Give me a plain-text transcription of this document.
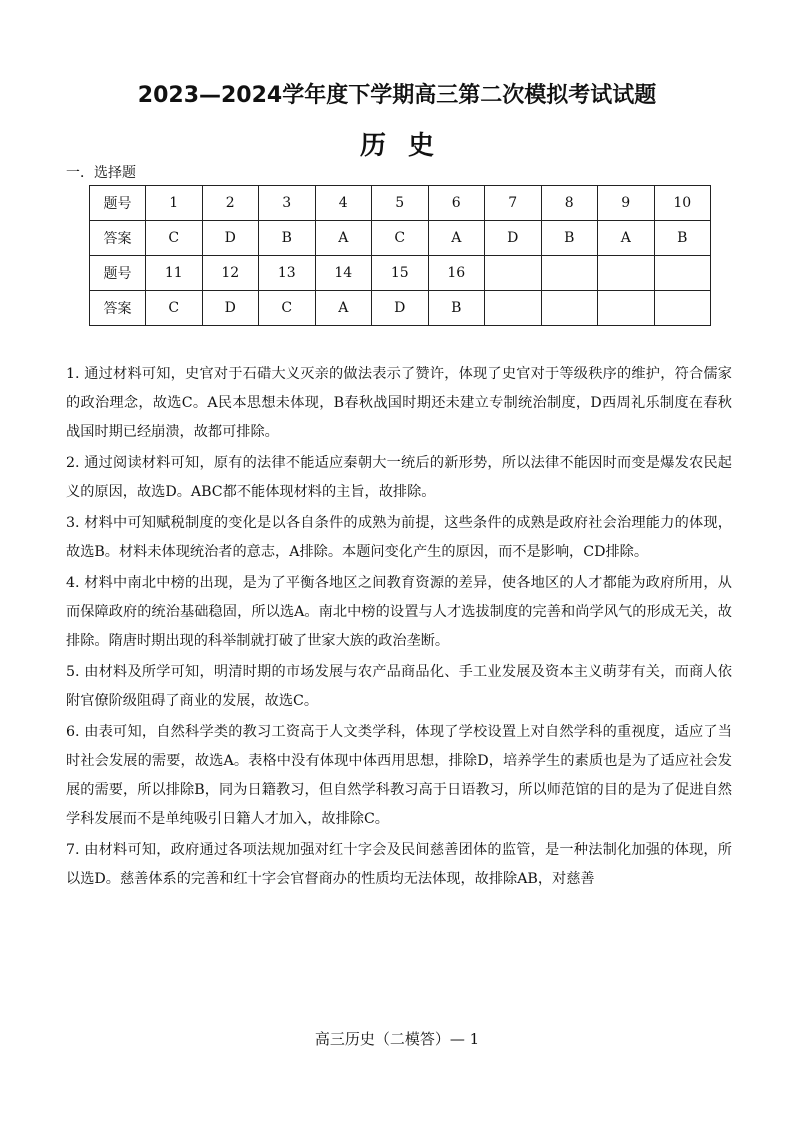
2023—2024学年度下学期高三第二次模拟考试试题
历史
一．选择题
题号	1	2	3	4	5	6	7	8	9	10
答案	C	D	B	A	C	A	D	B	A	B
题号	11	12	13	14	15	16				
答案	C	D	C	A	D	B				

1. 通过材料可知，史官对于石碏大义灭亲的做法表示了赞许，体现了史官对于等级秩序的维护，符合儒家的政治理念，故选C。A民本思想未体现，B春秋战国时期还未建立专制统治制度，D西周礼乐制度在春秋战国时期已经崩溃，故都可排除。

2. 通过阅读材料可知，原有的法律不能适应秦朝大一统后的新形势，所以法律不能因时而变是爆发农民起义的原因，故选D。ABC都不能体现材料的主旨，故排除。

3. 材料中可知赋税制度的变化是以各自条件的成熟为前提，这些条件的成熟是政府社会治理能力的体现，故选B。材料未体现统治者的意志，A排除。本题问变化产生的原因，而不是影响，CD排除。

4. 材料中南北中榜的出现，是为了平衡各地区之间教育资源的差异，使各地区的人才都能为政府所用，从而保障政府的统治基础稳固，所以选A。南北中榜的设置与人才选拔制度的完善和尚学风气的形成无关，故排除。隋唐时期出现的科举制就打破了世家大族的政治垄断。

5. 由材料及所学可知，明清时期的市场发展与农产品商品化、手工业发展及资本主义萌芽有关，而商人依附官僚阶级阻碍了商业的发展，故选C。

6. 由表可知，自然科学类的教习工资高于人文类学科，体现了学校设置上对自然学科的重视度，适应了当时社会发展的需要，故选A。表格中没有体现中体西用思想，排除D，培养学生的素质也是为了适应社会发展的需要，所以排除B，同为日籍教习，但自然学科教习高于日语教习，所以师范馆的目的是为了促进自然学科发展而不是单纯吸引日籍人才加入，故排除C。

7. 由材料可知，政府通过各项法规加强对红十字会及民间慈善团体的监管，是一种法制化加强的体现，所以选D。慈善体系的完善和红十字会官督商办的性质均无法体现，故排除AB，对慈善

高三历史（二模答）— 1
